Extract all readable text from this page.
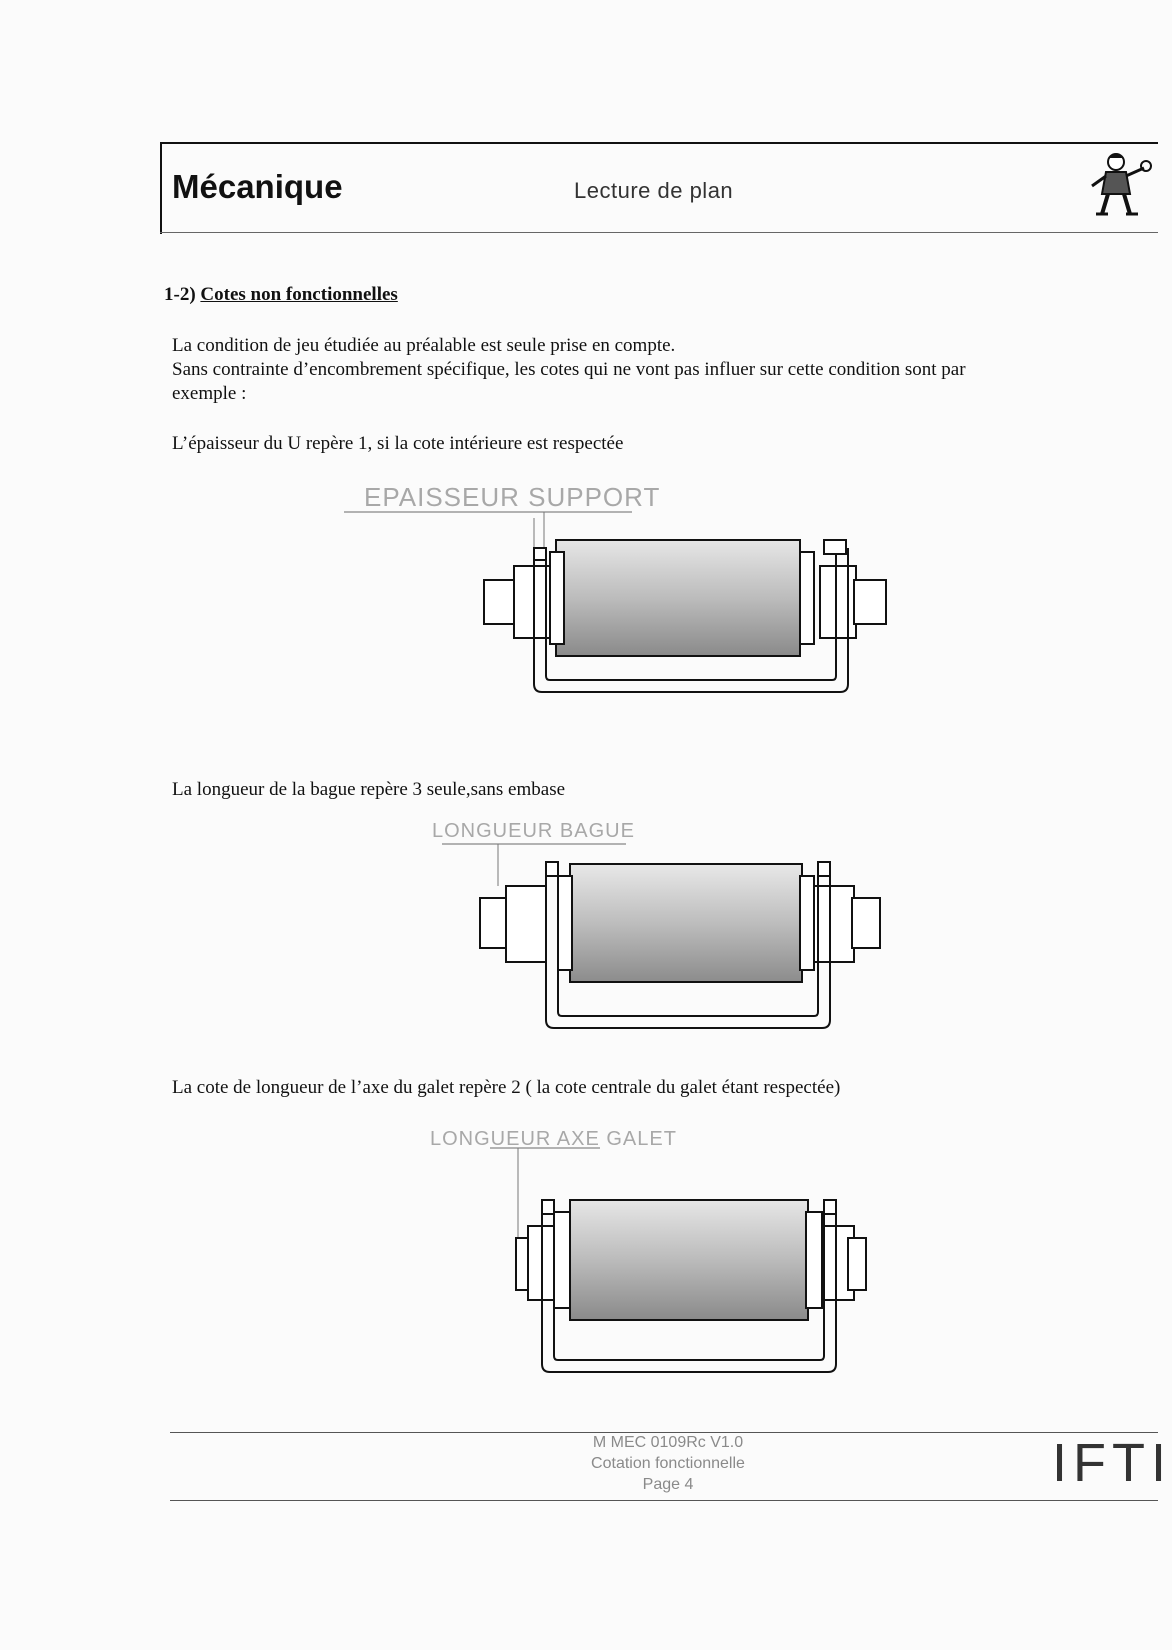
Mécanique	Lecture de plan
1-2) Cotes non fonctionnelles
La condition de jeu étudiée au préalable est seule prise en compte.
Sans contrainte d’encombrement spécifique, les cotes qui ne vont pas influer sur cette condition sont par
exemple :
L’épaisseur du U repère 1, si la cote intérieure est respectée
EPAISSEUR SUPPORT
La longueur de la bague repère 3 seule,sans embase
LONGUEUR BAGUE
La cote de longueur de l’axe du galet repère 2 ( la cote centrale du galet étant respectée)
LONGUEUR AXE GALET
M MEC 0109Rc V1.0
Cotation fonctionnelle
Page 4	IFTI
